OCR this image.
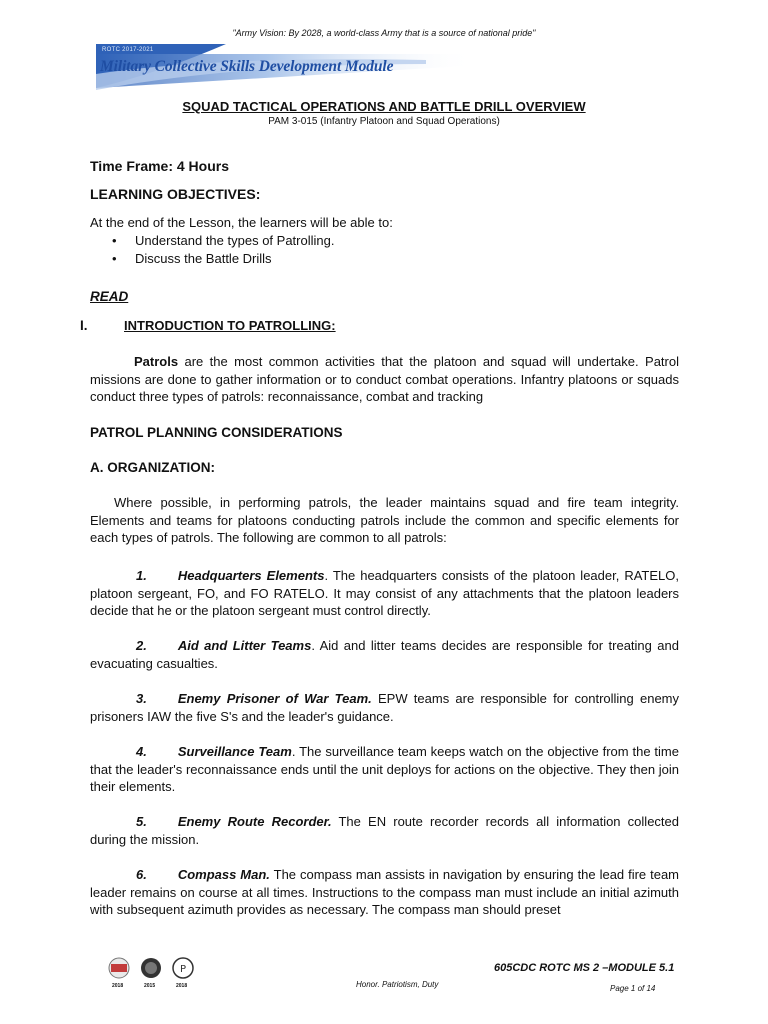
"Army Vision: By 2028, a world-class Army that is a source of national pride"
ROTC 2017-2021
Military Collective Skills Development Module
SQUAD TACTICAL OPERATIONS AND BATTLE DRILL OVERVIEW
PAM 3-015 (Infantry Platoon and Squad Operations)
Time Frame: 4 Hours
LEARNING OBJECTIVES:
At the end of the Lesson, the learners will be able to:
• Understand the types of Patrolling.
• Discuss the Battle Drills
READ
I.	INTRODUCTION TO PATROLLING:
Patrols are the most common activities that the platoon and squad will undertake. Patrol missions are done to gather information or to conduct combat operations. Infantry platoons or squads conduct three types of patrols: reconnaissance, combat and tracking
PATROL PLANNING CONSIDERATIONS
A. ORGANIZATION:
Where possible, in performing patrols, the leader maintains squad and fire team integrity. Elements and teams for platoons conducting patrols include the common and specific elements for each types of patrols. The following are common to all patrols:
1. Headquarters Elements. The headquarters consists of the platoon leader, RATELO, platoon sergeant, FO, and FO RATELO. It may consist of any attachments that the platoon leaders decide that he or the platoon sergeant must control directly.
2. Aid and Litter Teams. Aid and litter teams decides are responsible for treating and evacuating casualties.
3. Enemy Prisoner of War Team. EPW teams are responsible for controlling enemy prisoners IAW the five S's and the leader's guidance.
4. Surveillance Team. The surveillance team keeps watch on the objective from the time that the leader's reconnaissance ends until the unit deploys for actions on the objective. They then join their elements.
5. Enemy Route Recorder. The EN route recorder records all information collected during the mission.
6. Compass Man. The compass man assists in navigation by ensuring the lead fire team leader remains on course at all times. Instructions to the compass man must include an initial azimuth with subsequent azimuth provides as necessary. The compass man should preset
P
2018	2015	2018	Honor. Patriotism, Duty
605CDC ROTC MS 2 –MODULE 5.1
Page 1 of 14
